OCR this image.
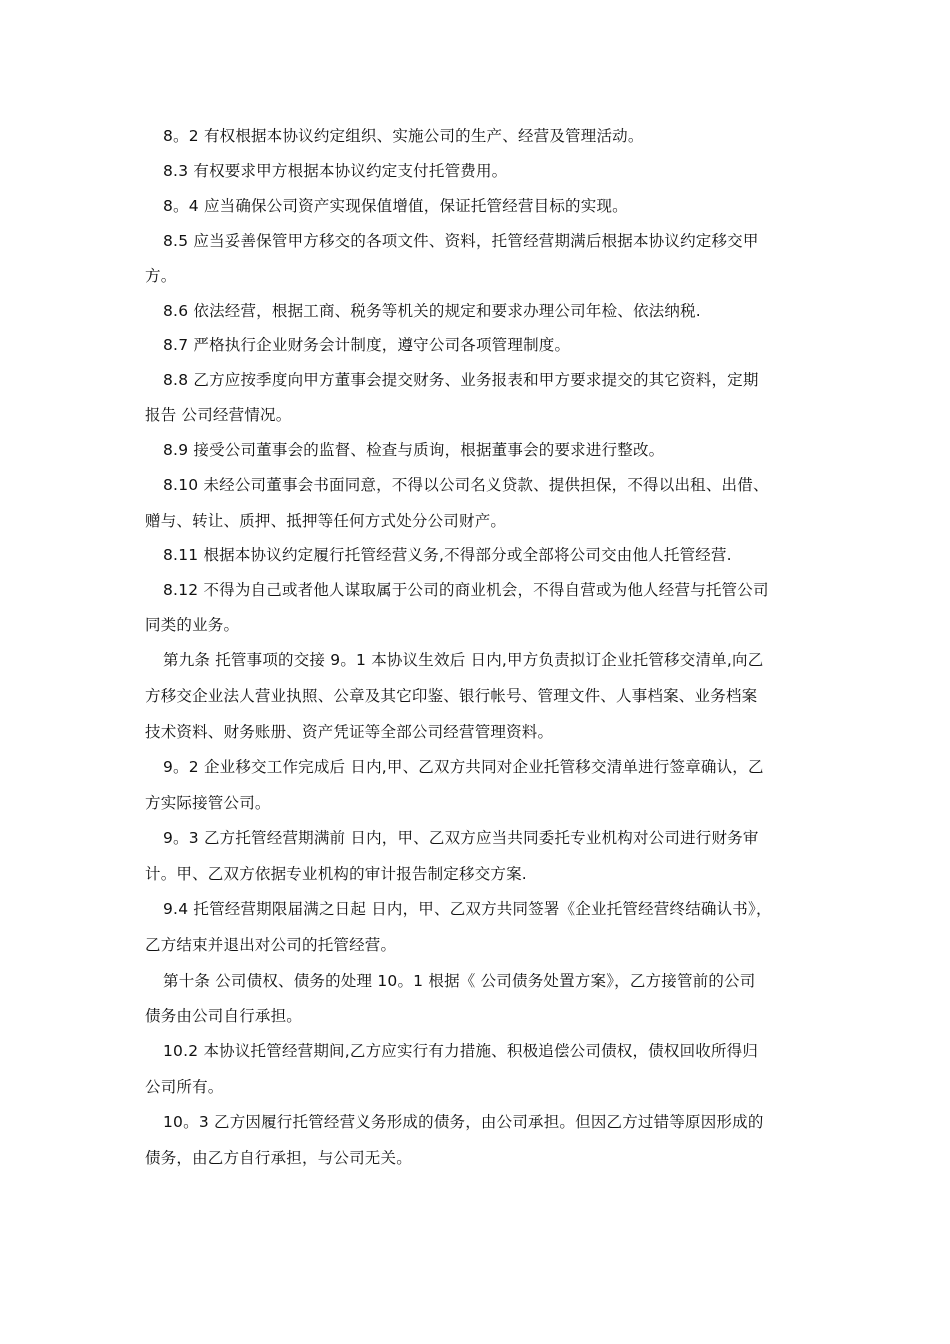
8。2 有权根据本协议约定组织、实施公司的生产、经营及管理活动。
8.3 有权要求甲方根据本协议约定支付托管费用。
8。4 应当确保公司资产实现保值增值，保证托管经营目标的实现。
8.5 应当妥善保管甲方移交的各项文件、资料，托管经营期满后根据本协议约定移交甲
方。
8.6 依法经营，根据工商、税务等机关的规定和要求办理公司年检、依法纳税.
8.7 严格执行企业财务会计制度，遵守公司各项管理制度。
8.8 乙方应按季度向甲方董事会提交财务、业务报表和甲方要求提交的其它资料，定期
报告 公司经营情况。
8.9 接受公司董事会的监督、检查与质询，根据董事会的要求进行整改。
8.10 未经公司董事会书面同意，不得以公司名义贷款、提供担保，不得以出租、出借、
赠与、转让、质押、抵押等任何方式处分公司财产。
8.11 根据本协议约定履行托管经营义务,不得部分或全部将公司交由他人托管经营.
8.12 不得为自己或者他人谋取属于公司的商业机会，不得自营或为他人经营与托管公司
同类的业务。
第九条 托管事项的交接 9。1 本协议生效后 日内,甲方负责拟订企业托管移交清单,向乙
方移交企业法人营业执照、公章及其它印鉴、银行帐号、管理文件、人事档案、业务档案
技术资料、财务账册、资产凭证等全部公司经营管理资料。
9。2 企业移交工作完成后 日内,甲、乙双方共同对企业托管移交清单进行签章确认，乙
方实际接管公司。
9。3 乙方托管经营期满前 日内，甲、乙双方应当共同委托专业机构对公司进行财务审
计。甲、乙双方依据专业机构的审计报告制定移交方案.
9.4 托管经营期限届满之日起 日内，甲、乙双方共同签署《企业托管经营终结确认书》，
乙方结束并退出对公司的托管经营。
第十条 公司债权、债务的处理 10。1 根据《 公司债务处置方案》，乙方接管前的公司
债务由公司自行承担。
10.2 本协议托管经营期间,乙方应实行有力措施、积极追偿公司债权，债权回收所得归
公司所有。
10。3 乙方因履行托管经营义务形成的债务，由公司承担。但因乙方过错等原因形成的
债务，由乙方自行承担，与公司无关。
